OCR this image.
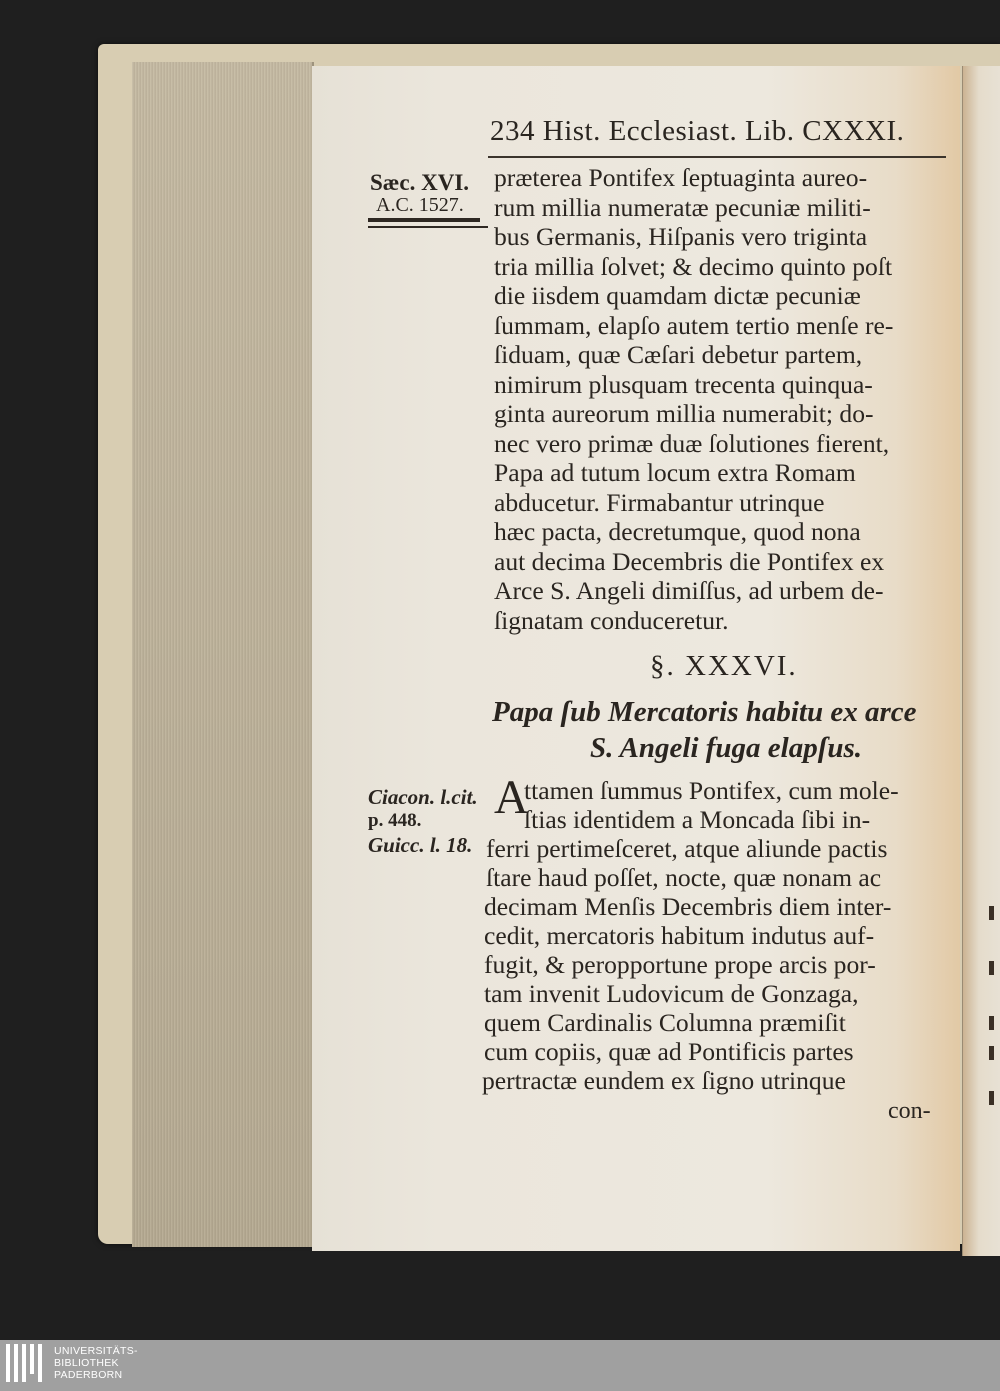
234 Hist. Ecclesiast. Lib. CXXXI.
Sæc. XVI.
A.C. 1527.
præterea Pontifex ſeptuaginta aureo-
rum millia numeratæ pecuniæ militi-
bus Germanis, Hiſpanis vero triginta
tria millia ſolvet; & decimo quinto poſt
die iisdem quamdam dictæ pecuniæ
ſummam, elapſo autem tertio menſe re-
ſiduam, quæ Cæſari debetur partem,
nimirum plusquam trecenta quinqua-
ginta aureorum millia numerabit; do-
nec vero primæ duæ ſolutiones fierent,
Papa ad tutum locum extra Romam
abducetur. Firmabantur utrinque
hæc pacta, decretumque, quod nona
aut decima Decembris die Pontifex ex
Arce S. Angeli dimiſſus, ad urbem de-
ſignatam conduceretur.
§. XXXVI.
Papa ſub Mercatoris habitu ex arce
S. Angeli fuga elapſus.
Ciacon. l.cit.
p. 448.
Guicc. l. 18.
A
ttamen ſummus Pontifex, cum mole-
ſtias identidem a Moncada ſibi in-
ferri pertimeſceret, atque aliunde pactis
ſtare haud poſſet, nocte, quæ nonam ac
decimam Menſis Decembris diem inter-
cedit, mercatoris habitum indutus auf-
fugit, & peropportune prope arcis por-
tam invenit Ludovicum de Gonzaga,
quem Cardinalis Columna præmiſit
cum copiis, quæ ad Pontificis partes
pertractæ eundem ex ſigno utrinque
con-
UNIVERSITÄTS-
BIBLIOTHEK
PADERBORN
